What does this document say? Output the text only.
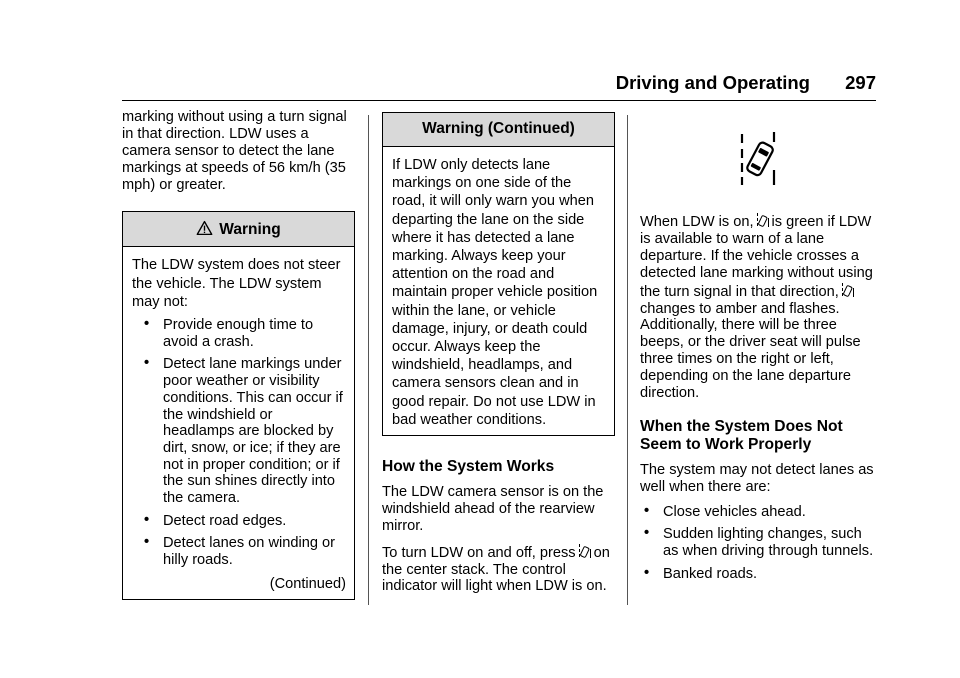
Driving and Operating 297

marking without using a turn signal in that direction. LDW uses a camera sensor to detect the lane markings at speeds of 56 km/h (35 mph) or greater.

Warning

The LDW system does not steer the vehicle. The LDW system may not:

• Provide enough time to avoid a crash.
• Detect lane markings under poor weather or visibility conditions. This can occur if the windshield or headlamps are blocked by dirt, snow, or ice; if they are not in proper condition; or if the sun shines directly into the camera.
• Detect road edges.
• Detect lanes on winding or hilly roads.

(Continued)

Warning (Continued)

If LDW only detects lane markings on one side of the road, it will only warn you when departing the lane on the side where it has detected a lane marking. Always keep your attention on the road and maintain proper vehicle position within the lane, or vehicle damage, injury, or death could occur. Always keep the windshield, headlamps, and camera sensors clean and in good repair. Do not use LDW in bad weather conditions.

How the System Works

The LDW camera sensor is on the windshield ahead of the rearview mirror.

To turn LDW on and off, press on the center stack. The control indicator will light when LDW is on.

When LDW is on, is green if LDW is available to warn of a lane departure. If the vehicle crosses a detected lane marking without using the turn signal in that direction,changes to amber and flashes. Additionally, there will be three beeps, or the driver seat will pulse three times on the right or left, depending on the lane departure direction.

When the System Does Not Seem to Work Properly

The system may not detect lanes as well when there are:

• Close vehicles ahead.
• Sudden lighting changes, such as when driving through tunnels.
• Banked roads.
